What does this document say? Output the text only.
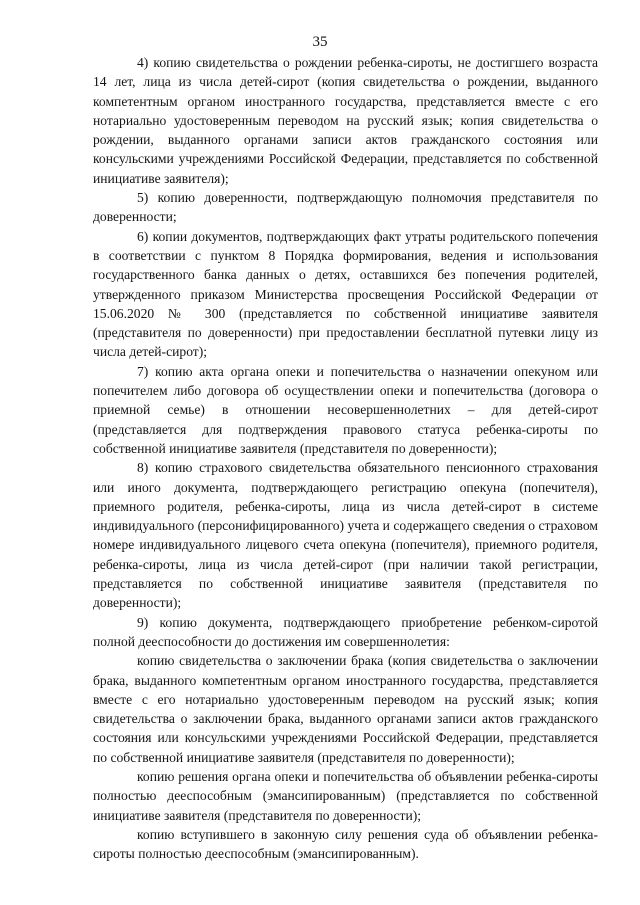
35

4) копию свидетельства о рождении ребенка-сироты, не достигшего возраста 14 лет, лица из числа детей-сирот (копия свидетельства о рождении, выданного компетентным органом иностранного государства, представляется вместе с его нотариально удостоверенным переводом на русский язык; копия свидетельства о рождении, выданного органами записи актов гражданского состояния или консульскими учреждениями Российской Федерации, представляется по собственной инициативе заявителя);

5) копию доверенности, подтверждающую полномочия представителя по доверенности;

6) копии документов, подтверждающих факт утраты родительского попечения в соответствии с пунктом 8 Порядка формирования, ведения и использования государственного банка данных о детях, оставшихся без попечения родителей, утвержденного приказом Министерства просвещения Российской Федерации от 15.06.2020 № 300 (представляется по собственной инициативе заявителя (представителя по доверенности) при предоставлении бесплатной путевки лицу из числа детей-сирот);

7) копию акта органа опеки и попечительства о назначении опекуном или попечителем либо договора об осуществлении опеки и попечительства (договора о приемной семье) в отношении несовершеннолетних – для детей-сирот (представляется для подтверждения правового статуса ребенка-сироты по собственной инициативе заявителя (представителя по доверенности);

8) копию страхового свидетельства обязательного пенсионного страхования или иного документа, подтверждающего регистрацию опекуна (попечителя), приемного родителя, ребенка-сироты, лица из числа детей-сирот в системе индивидуального (персонифицированного) учета и содержащего сведения о страховом номере индивидуального лицевого счета опекуна (попечителя), приемного родителя, ребенка-сироты, лица из числа детей-сирот (при наличии такой регистрации, представляется по собственной инициативе заявителя (представителя по доверенности);

9) копию документа, подтверждающего приобретение ребенком-сиротой полной дееспособности до достижения им совершеннолетия:

копию свидетельства о заключении брака (копия свидетельства о заключении брака, выданного компетентным органом иностранного государства, представляется вместе с его нотариально удостоверенным переводом на русский язык; копия свидетельства о заключении брака, выданного органами записи актов гражданского состояния или консульскими учреждениями Российской Федерации, представляется по собственной инициативе заявителя (представителя по доверенности);

копию решения органа опеки и попечительства об объявлении ребенка-сироты полностью дееспособным (эмансипированным) (представляется по собственной инициативе заявителя (представителя по доверенности);

копию вступившего в законную силу решения суда об объявлении ребенка-сироты полностью дееспособным (эмансипированным).
